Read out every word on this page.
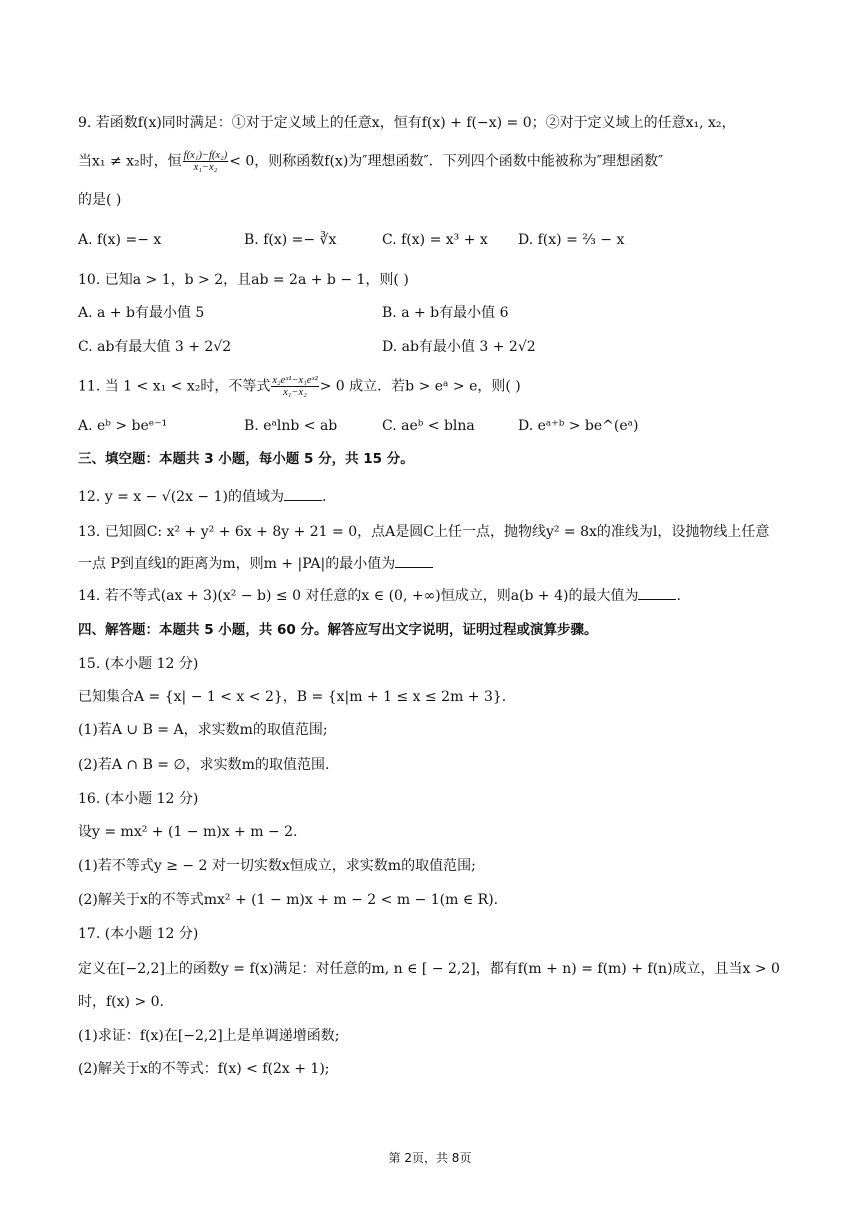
9. 若函数f(x)同时满足：①对于定义域上的任意x，恒有f(x) + f(−x) = 0；②对于定义域上的任意x₁, x₂，
当x₁ ≠ x₂时，恒 $\frac{\text{f(x₁)−f(x₂)}}{\text{x₁−x₂}} < 0$，则称函数f(x)为″理想函数″．下列四个函数中能被称为″理想函数″
的是( )
A. f(x) =− x	B. f(x) =− ∛x	C. f(x) = x³ + x D. f(x) = ⅔ − x
10. 已知a > 1，b > 2，且ab = 2a + b − 1，则( )
A. a + b有最小值 5	B. a + b有最小值 6
C. ab有最大值 3 + 2√2	D. ab有最小值 3 + 2√2
11. 当 1 < x₁ < x₂时，不等式 $\frac{\text{x₂eˣ¹−x₁eˣ²}}{\text{x₁−x₂}} > 0$ 成立．若b > eᵃ > e，则( )
A. eᵇ > beᵉ⁻¹	B. eᵃlnb < ab	C. aeᵇ < blna	D. eᵃ⁺ᵇ > be^(eᵃ)
三、填空题：本题共 3 小题，每小题 5 分，共 15 分。
12. y = x − √(2x − 1)的值域为	.
13. 已知圆C: x² + y² + 6x + 8y + 21 = 0，点A是圆C上任一点，抛物线y² = 8x的准线为l，设抛物线上任意
一点 P到直线l的距离为m，则m + |PA|的最小值为
14. 若不等式(ax + 3)(x² − b) ≤ 0 对任意的x ∈ (0, +∞)恒成立，则a(b + 4)的最大值为	.
四、解答题：本题共 5 小题，共 60 分。解答应写出文字说明，证明过程或演算步骤。
15. (本小题 12 分)
已知集合A = {x| − 1 < x < 2}，B = {x|m + 1 ≤ x ≤ 2m + 3}.
(1)若A ∪ B = A，求实数m的取值范围;
(2)若A ∩ B = ∅，求实数m的取值范围.
16. (本小题 12 分)
设y = mx² + (1 − m)x + m − 2.
(1)若不等式y ≥ − 2 对一切实数x恒成立，求实数m的取值范围;
(2)解关于x的不等式mx² + (1 − m)x + m − 2 < m − 1(m ∈ R).
17. (本小题 12 分)
定义在[−2,2]上的函数y = f(x)满足：对任意的m, n ∈ [ − 2,2]，都有f(m + n) = f(m) + f(n)成立，且当x > 0
时，f(x) > 0.
(1)求证：f(x)在[−2,2]上是单调递增函数;
(2)解关于x的不等式：f(x) < f(2x + 1);
第 2页，共 8页
